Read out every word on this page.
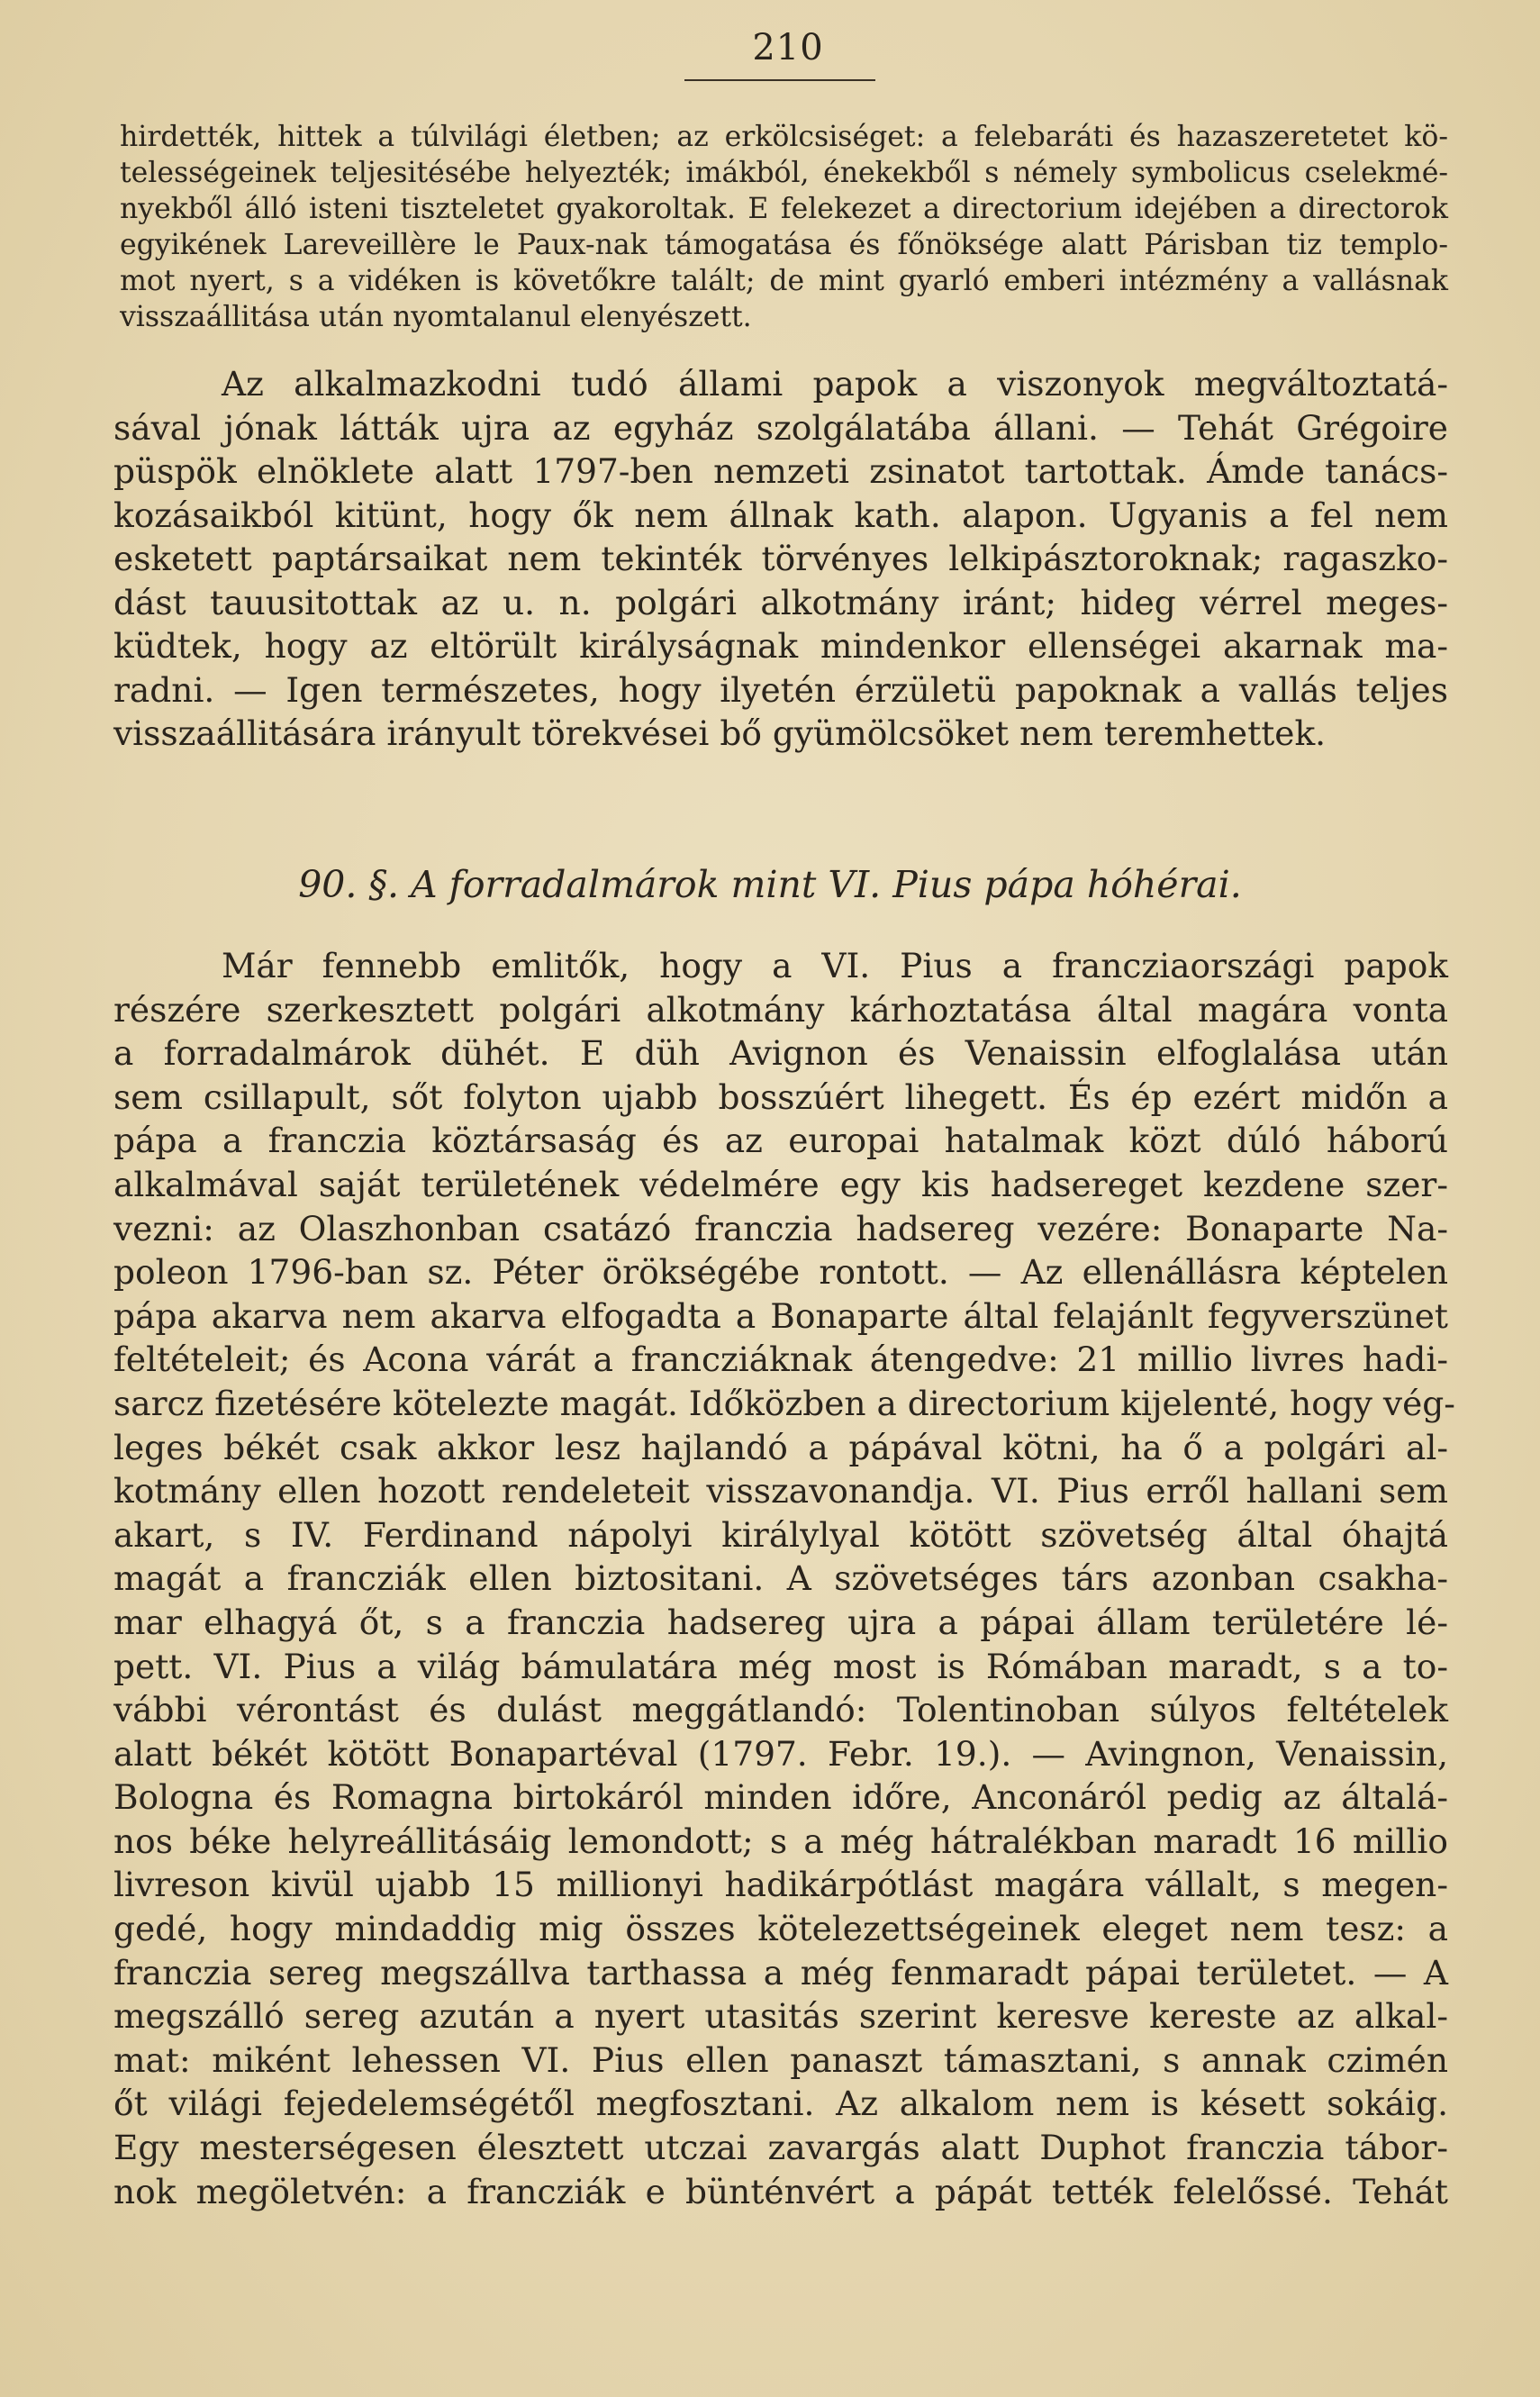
210
hirdették, hittek a túlvilági életben; az erkölcsiséget: a felebaráti és hazaszeretetet kö-
telességeinek teljesitésébe helyezték; imákból, énekekből s némely symbolicus cselekmé-
nyekből álló isteni tiszteletet gyakoroltak. E felekezet a directorium idejében a directorok
egyikének Lareveillère le Paux-nak támogatása és főnöksége alatt Párisban tiz templo-
mot nyert, s a vidéken is követőkre talált; de mint gyarló emberi intézmény a vallásnak
visszaállitása után nyomtalanul elenyészett.
Az alkalmazkodni tudó állami papok a viszonyok megváltoztatá-
sával jónak látták ujra az egyház szolgálatába állani. — Tehát Grégoire
püspök elnöklete alatt 1797-ben nemzeti zsinatot tartottak. Ámde tanács-
kozásaikból kitünt, hogy ők nem állnak kath. alapon. Ugyanis a fel nem
esketett paptársaikat nem tekinték törvényes lelkipásztoroknak; ragaszko-
dást tauusitottak az u. n. polgári alkotmány iránt; hideg vérrel meges-
küdtek, hogy az eltörült királyságnak mindenkor ellenségei akarnak ma-
radni. — Igen természetes, hogy ilyetén érzületü papoknak a vallás teljes
visszaállitására irányult törekvései bő gyümölcsöket nem teremhettek.
90. §. A forradalmárok mint VI. Pius pápa hóhérai.
Már fennebb emlitők, hogy a VI. Pius a francziaországi papok
részére szerkesztett polgári alkotmány kárhoztatása által magára vonta
a forradalmárok dühét. E düh Avignon és Venaissin elfoglalása után
sem csillapult, sőt folyton ujabb bosszúért lihegett. És ép ezért midőn a
pápa a franczia köztársaság és az europai hatalmak közt dúló háború
alkalmával saját területének védelmére egy kis hadsereget kezdene szer-
vezni: az Olaszhonban csatázó franczia hadsereg vezére: Bonaparte Na-
poleon 1796-ban sz. Péter örökségébe rontott. — Az ellenállásra képtelen
pápa akarva nem akarva elfogadta a Bonaparte által felajánlt fegyverszünet
feltételeit; és Acona várát a francziáknak átengedve: 21 millio livres hadi-
sarcz fizetésére kötelezte magát. Időközben a directorium kijelenté, hogy vég-
leges békét csak akkor lesz hajlandó a pápával kötni, ha ő a polgári al-
kotmány ellen hozott rendeleteit visszavonandja. VI. Pius erről hallani sem
akart, s IV. Ferdinand nápolyi királylyal kötött szövetség által óhajtá
magát a francziák ellen biztositani. A szövetséges társ azonban csakha-
mar elhagyá őt, s a franczia hadsereg ujra a pápai állam területére lé-
pett. VI. Pius a világ bámulatára még most is Rómában maradt, s a to-
vábbi vérontást és dulást meggátlandó: Tolentinoban súlyos feltételek
alatt békét kötött Bonapartéval (1797. Febr. 19.). — Avingnon, Venaissin,
Bologna és Romagna birtokáról minden időre, Anconáról pedig az általá-
nos béke helyreállitásáig lemondott; s a még hátralékban maradt 16 millio
livreson kivül ujabb 15 millionyi hadikárpótlást magára vállalt, s megen-
gedé, hogy mindaddig mig összes kötelezettségeinek eleget nem tesz: a
franczia sereg megszállva tarthassa a még fenmaradt pápai területet. — A
megszálló sereg azután a nyert utasitás szerint keresve kereste az alkal-
mat: miként lehessen VI. Pius ellen panaszt támasztani, s annak czimén
őt világi fejedelemségétől megfosztani. Az alkalom nem is késett sokáig.
Egy mesterségesen élesztett utczai zavargás alatt Duphot franczia tábor-
nok megöletvén: a francziák e bünténvért a pápát tették felelőssé. Tehát
